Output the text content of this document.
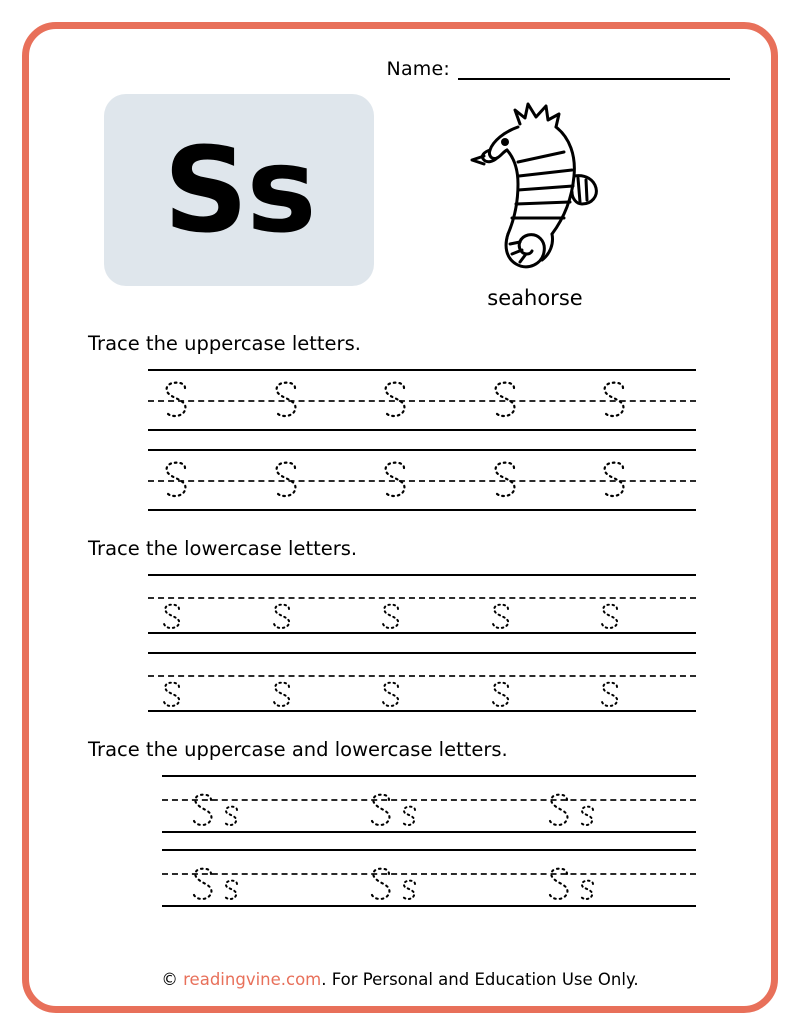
Name:
Ss
seahorse
Trace the uppercase letters.
Trace the lowercase letters.
Trace the uppercase and lowercase letters.
© readingvine.com. For Personal and Education Use Only.
